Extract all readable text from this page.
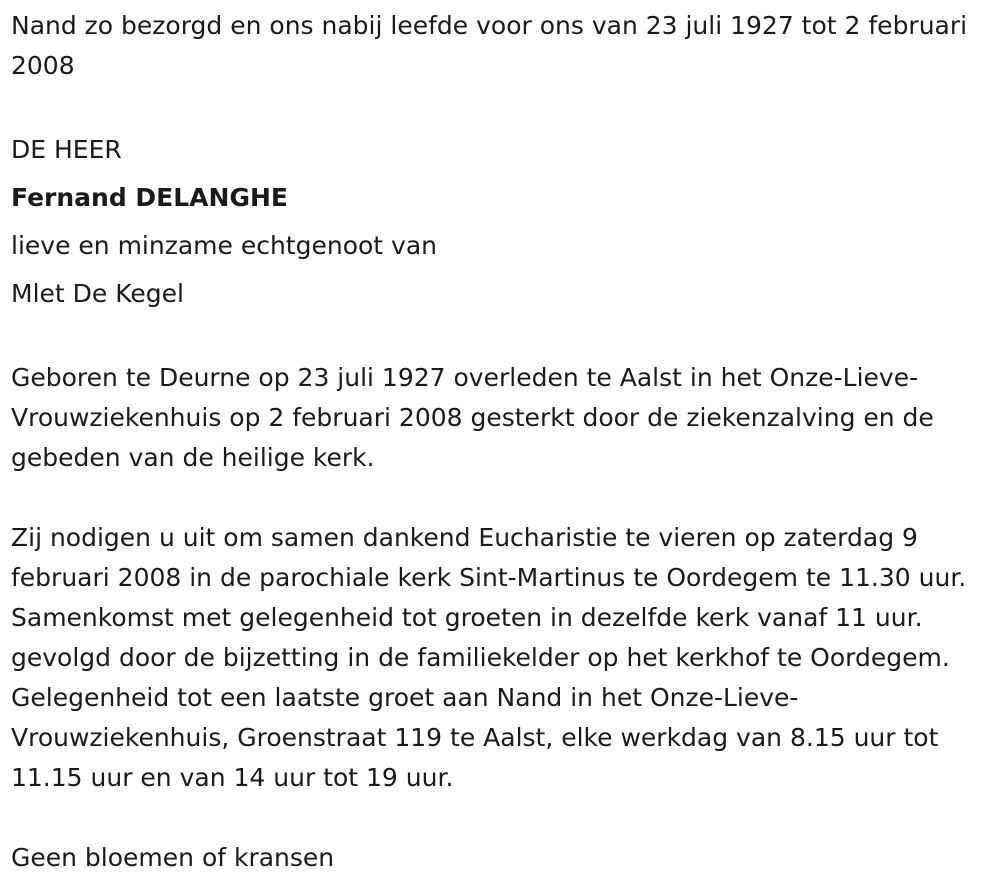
Nand zo bezorgd en ons nabij leefde voor ons van 23 juli 1927 tot 2 februari 2008

DE HEER

Fernand DELANGHE

lieve en minzame echtgenoot van

Mlet De Kegel

Geboren te Deurne op 23 juli 1927 overleden te Aalst in het Onze-Lieve-Vrouwziekenhuis op 2 februari 2008 gesterkt door de ziekenzalving en de gebeden van de heilige kerk.

Zij nodigen u uit om samen dankend Eucharistie te vieren op zaterdag 9 februari 2008 in de parochiale kerk Sint-Martinus te Oordegem te 11.30 uur. Samenkomst met gelegenheid tot groeten in dezelfde kerk vanaf 11 uur. gevolgd door de bijzetting in de familiekelder op het kerkhof te Oordegem. Gelegenheid tot een laatste groet aan Nand in het Onze-Lieve-Vrouwziekenhuis, Groenstraat 119 te Aalst, elke werkdag van 8.15 uur tot 11.15 uur en van 14 uur tot 19 uur.

Geen bloemen of kransen
